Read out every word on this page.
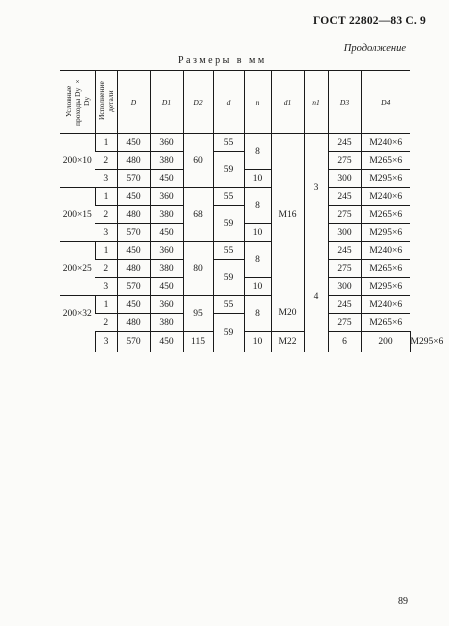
ГОСТ 22802—83 С. 9
Продолжение
Размеры в мм
Условные проходы Dу × Dу	Исполнение детали	D	D1	D2	d	n	d1	n1	D3	D4	
200×10	1	450	360	60	55	8	M16	3	245	M240×6	
	2	480	380		59				275	M265×6	
	3	570	450			10			300	M295×6	
200×15	1	450	360	68	55	8			245	M240×6	
	2	480	380		59				275	M265×6	
	3	570	450			10			300	M295×6	
200×25	1	450	360	80	55	8		4	245	M240×6	
	2	480	380		59				275	M265×6	
	3	570	450			10			300	M295×6	
200×32	1	450	360	95	55	8	M20		245	M240×6	
	2	480	380		59				275	M265×6	
	3	570	450	115		10	M22		6	200	M295×6
89
